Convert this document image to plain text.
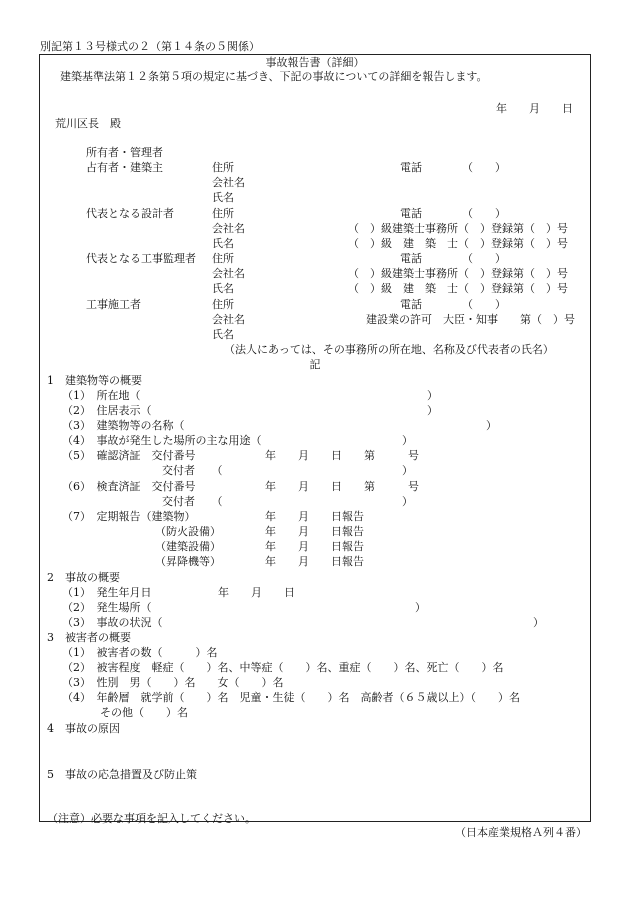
別記第１３号様式の２（第１４条の５関係）
事故報告書（詳細）
建築基準法第１２条第５項の規定に基づき、下記の事故についての詳細を報告します。
年　　月　　日
荒川区長　殿
所有者・管理者
占有者・建築主	住所	電話	（　　）
会社名
氏名
代表となる設計者	住所	電話	（　　）
会社名	（　）級建築士事務所（　）登録第（　）号
氏名	（　）級　建　築　士（　）登録第（　）号
代表となる工事監理者 住所	電話	（　　）
会社名	（　）級建築士事務所（　）登録第（　）号
氏名	（　）級　建　築　士（　）登録第（　）号
工事施工者	住所	電話	（　　）
会社名	建設業の許可　大臣・知事　　第（　）号
氏名
（法人にあっては、その事務所の所在地、名称及び代表者の氏名）
記
1　建築物等の概要
（1）　所在地（	）
（2）　住居表示（	）
（3）　建築物等の名称（	）
（4）　事故が発生した場所の主な用途（	）
（5）　確認済証　交付番号	年　　月　　日　　第　　　号
交付者　　（	）
（6）　検査済証　交付番号	年　　月　　日　　第　　　号
交付者　　（	）
（7）　定期報告（建築物）	年　　月　　日報告
（防火設備）	年　　月　　日報告
（建築設備）	年　　月　　日報告
（昇降機等）	年　　月　　日報告
2　事故の概要
（1）　発生年月日	年　　月　　日
（2）　発生場所（	）
（3）　事故の状況（	）
3　被害者の概要
（1）　被害者の数（　　　）名
（2）　被害程度　軽症（　　）名、中等症（　　）名、重症（　　）名、死亡（　　）名
（3）　性別　男（　　）名　　女（　　）名
（4）　年齢層　就学前（　　）名　児童・生徒（　　）名　高齢者（６５歳以上）（　　）名
その他（　　）名
4　事故の原因
5　事故の応急措置及び防止策
（注意）必要な事項を記入してください。
（日本産業規格Ａ列４番）
